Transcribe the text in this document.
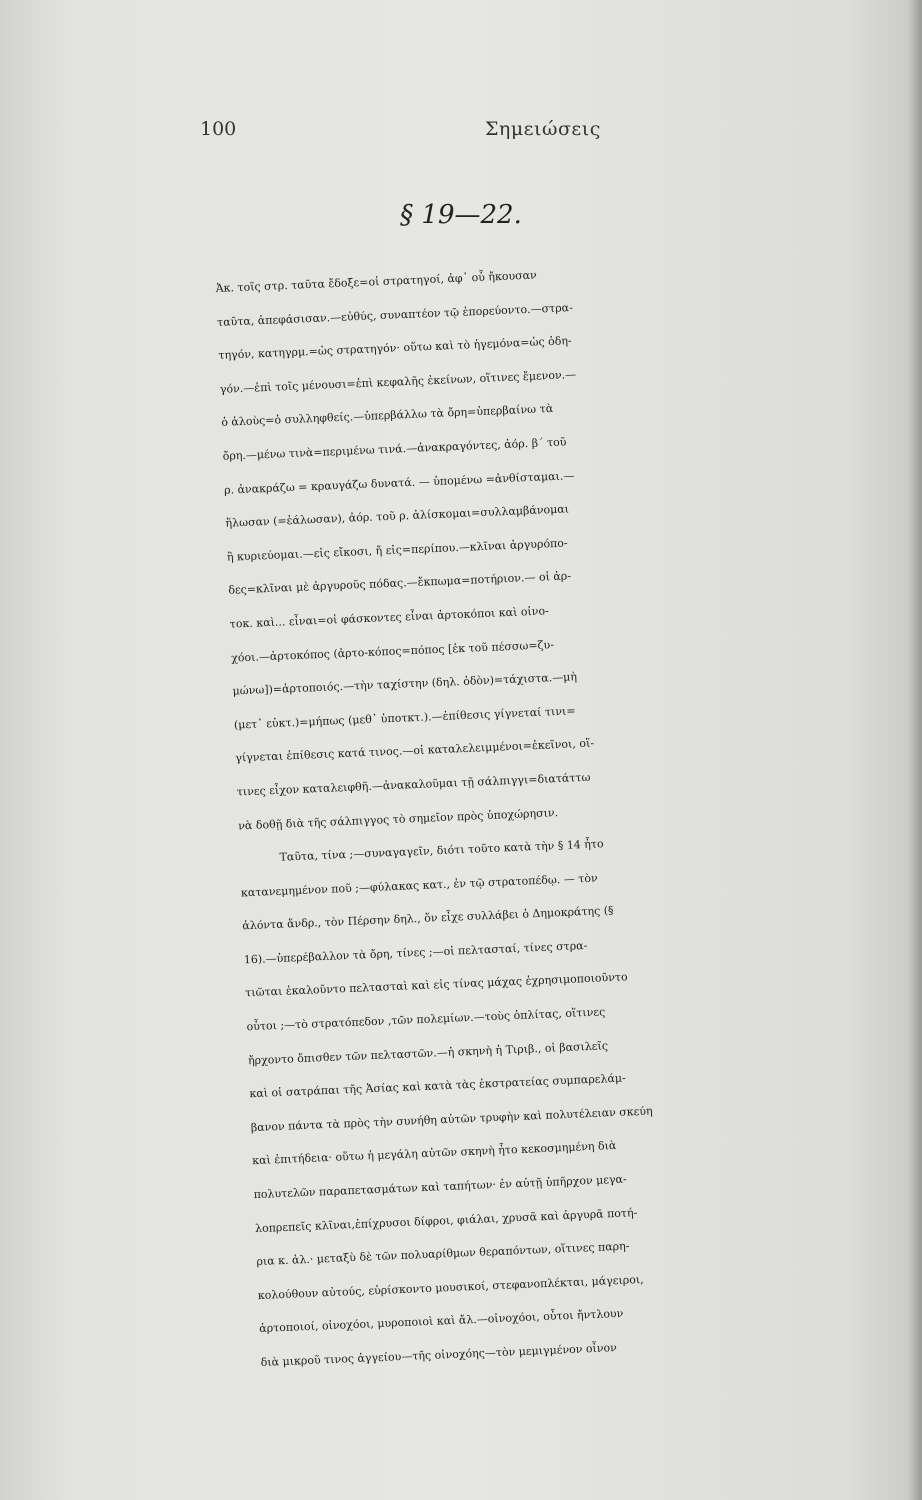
100	Σημειώσεις
§ 19—22.

Ἀκ. τοῖς στρ. ταῦτα ἔδοξε=οἱ στρατηγοί, ἀφ᾽ οὗ ἤκουσαν

ταῦτα, ἀπεφάσισαν.—εὐθύς, συναπτέον τῷ ἐπορεύοντο.—στρα-

τηγόν, κατηγρμ.=ὡς στρατηγόν· οὕτω καὶ τὸ ἡγεμόνα=ὡς ὁδη-

γόν.—ἐπὶ τοῖς μένουσι=ἐπὶ κεφαλῆς ἐκείνων, οἵτινες ἔμενον.—

ὁ ἁλοὺς=ὁ συλληφθείς.—ὑπερβάλλω τὰ ὄρη=ὑπερβαίνω τὰ

ὄρη.—μένω τινὰ=περιμένω τινά.—ἀνακραγόντες, ἀόρ. β´ τοῦ

ρ. ἀνακράζω = κραυγάζω δυνατά. — ὑπομένω =ἀνθίσταμαι.—

ἥλωσαν (=ἑάλωσαν), ἀόρ. τοῦ ρ. ἁλίσκομαι=συλλαμβάνομαι

ἢ κυριεύομαι.—εἰς εἴκοσι, ἤ εἰς=περίπου.—κλῖναι ἀργυρόπο-

δες=κλῖναι μὲ ἀργυροῦς πόδας.—ἔκπωμα=ποτήριον.— οἱ ἀρ-

τοκ. καὶ... εἶναι=οἱ φάσκοντες εἶναι ἀρτοκόποι καὶ οἰνο-

χόοι.—ἀρτοκόπος (ἀρτο-κόπος=πόπος [ἐκ τοῦ πέσσω=ζυ-

μώνω])=ἀρτοποιός.—τὴν ταχίστην (δηλ. ὁδὸν)=τάχιστα.—μὴ

(μετ᾽ εὐκτ.)=μήπως (μεθ᾽ ὑποτκτ.).—ἐπίθεσις γίγνεταί τινι=

γίγνεται ἐπίθεσις κατά τινος.—οἱ καταλελειμμένοι=ἐκεῖνοι, οἵ-

τινες εἶχον καταλειφθῆ.—ἀνακαλοῦμαι τῇ σάλπιγγι=διατάττω

νὰ δοθῇ διὰ τῆς σάλπιγγος τὸ σημεῖον πρὸς ὑποχώρησιν.

Ταῦτα, τίνα ;—συναγαγεῖν, διότι τοῦτο κατὰ τὴν § 14 ἦτο

κατανεμημένον ποῦ ;—φύλακας κατ., ἐν τῷ στρατοπέδῳ. — τὸν

ἁλόντα ἄνδρ., τὸν Πέρσην δηλ., ὅν εἶχε συλλάβει ὁ Δημοκράτης (§

16).—ὑπερέβαλλον τὰ ὄρη, τίνες ;—οἱ πελτασταί, τίνες στρα-

τιῶται ἐκαλοῦντο πελτασταὶ καὶ εἰς τίνας μάχας ἐχρησιμοποιοῦντο

οὗτοι ;—τὸ στρατόπεδον ,τῶν πολεμίων.—τοὺς ὁπλίτας, οἵτινες

ἤρχοντο ὄπισθεν τῶν πελταστῶν.—ἡ σκηνὴ ἡ Τιριβ., οἱ βασιλεῖς

καὶ οἱ σατράπαι τῆς Ἀσίας καὶ κατὰ τὰς ἐκστρατείας συμπαρελάμ-

βανον πάντα τὰ πρὸς τὴν συνήθη αὐτῶν τρυφὴν καὶ πολυτέλειαν σκεύη

καὶ ἐπιτήδεια· οὕτω ἡ μεγάλη αὐτῶν σκηνὴ ἦτο κεκοσμημένη διὰ

πολυτελῶν παραπετασμάτων καὶ ταπήτων· ἐν αὐτῇ ὑπῆρχον μεγα-

λοπρεπεῖς κλῖναι,ἐπίχρυσοι δίφροι, φιάλαι, χρυσᾶ καὶ ἀργυρᾶ ποτή-

ρια κ. ἀλ.· μεταξὺ δὲ τῶν πολυαρίθμων θεραπόντων, οἵτινες παρη-

κολούθουν αὐτούς, εὑρίσκοντο μουσικοί, στεφανοπλέκται, μάγειροι,

ἀρτοποιοί, οἰνοχόοι, μυροποιοὶ καὶ ἄλ.—οἰνοχόοι, οὗτοι ἤντλουν

διὰ μικροῦ τινος ἀγγείου—τῆς οἰνοχόης—τὸν μεμιγμένον οἶνον
